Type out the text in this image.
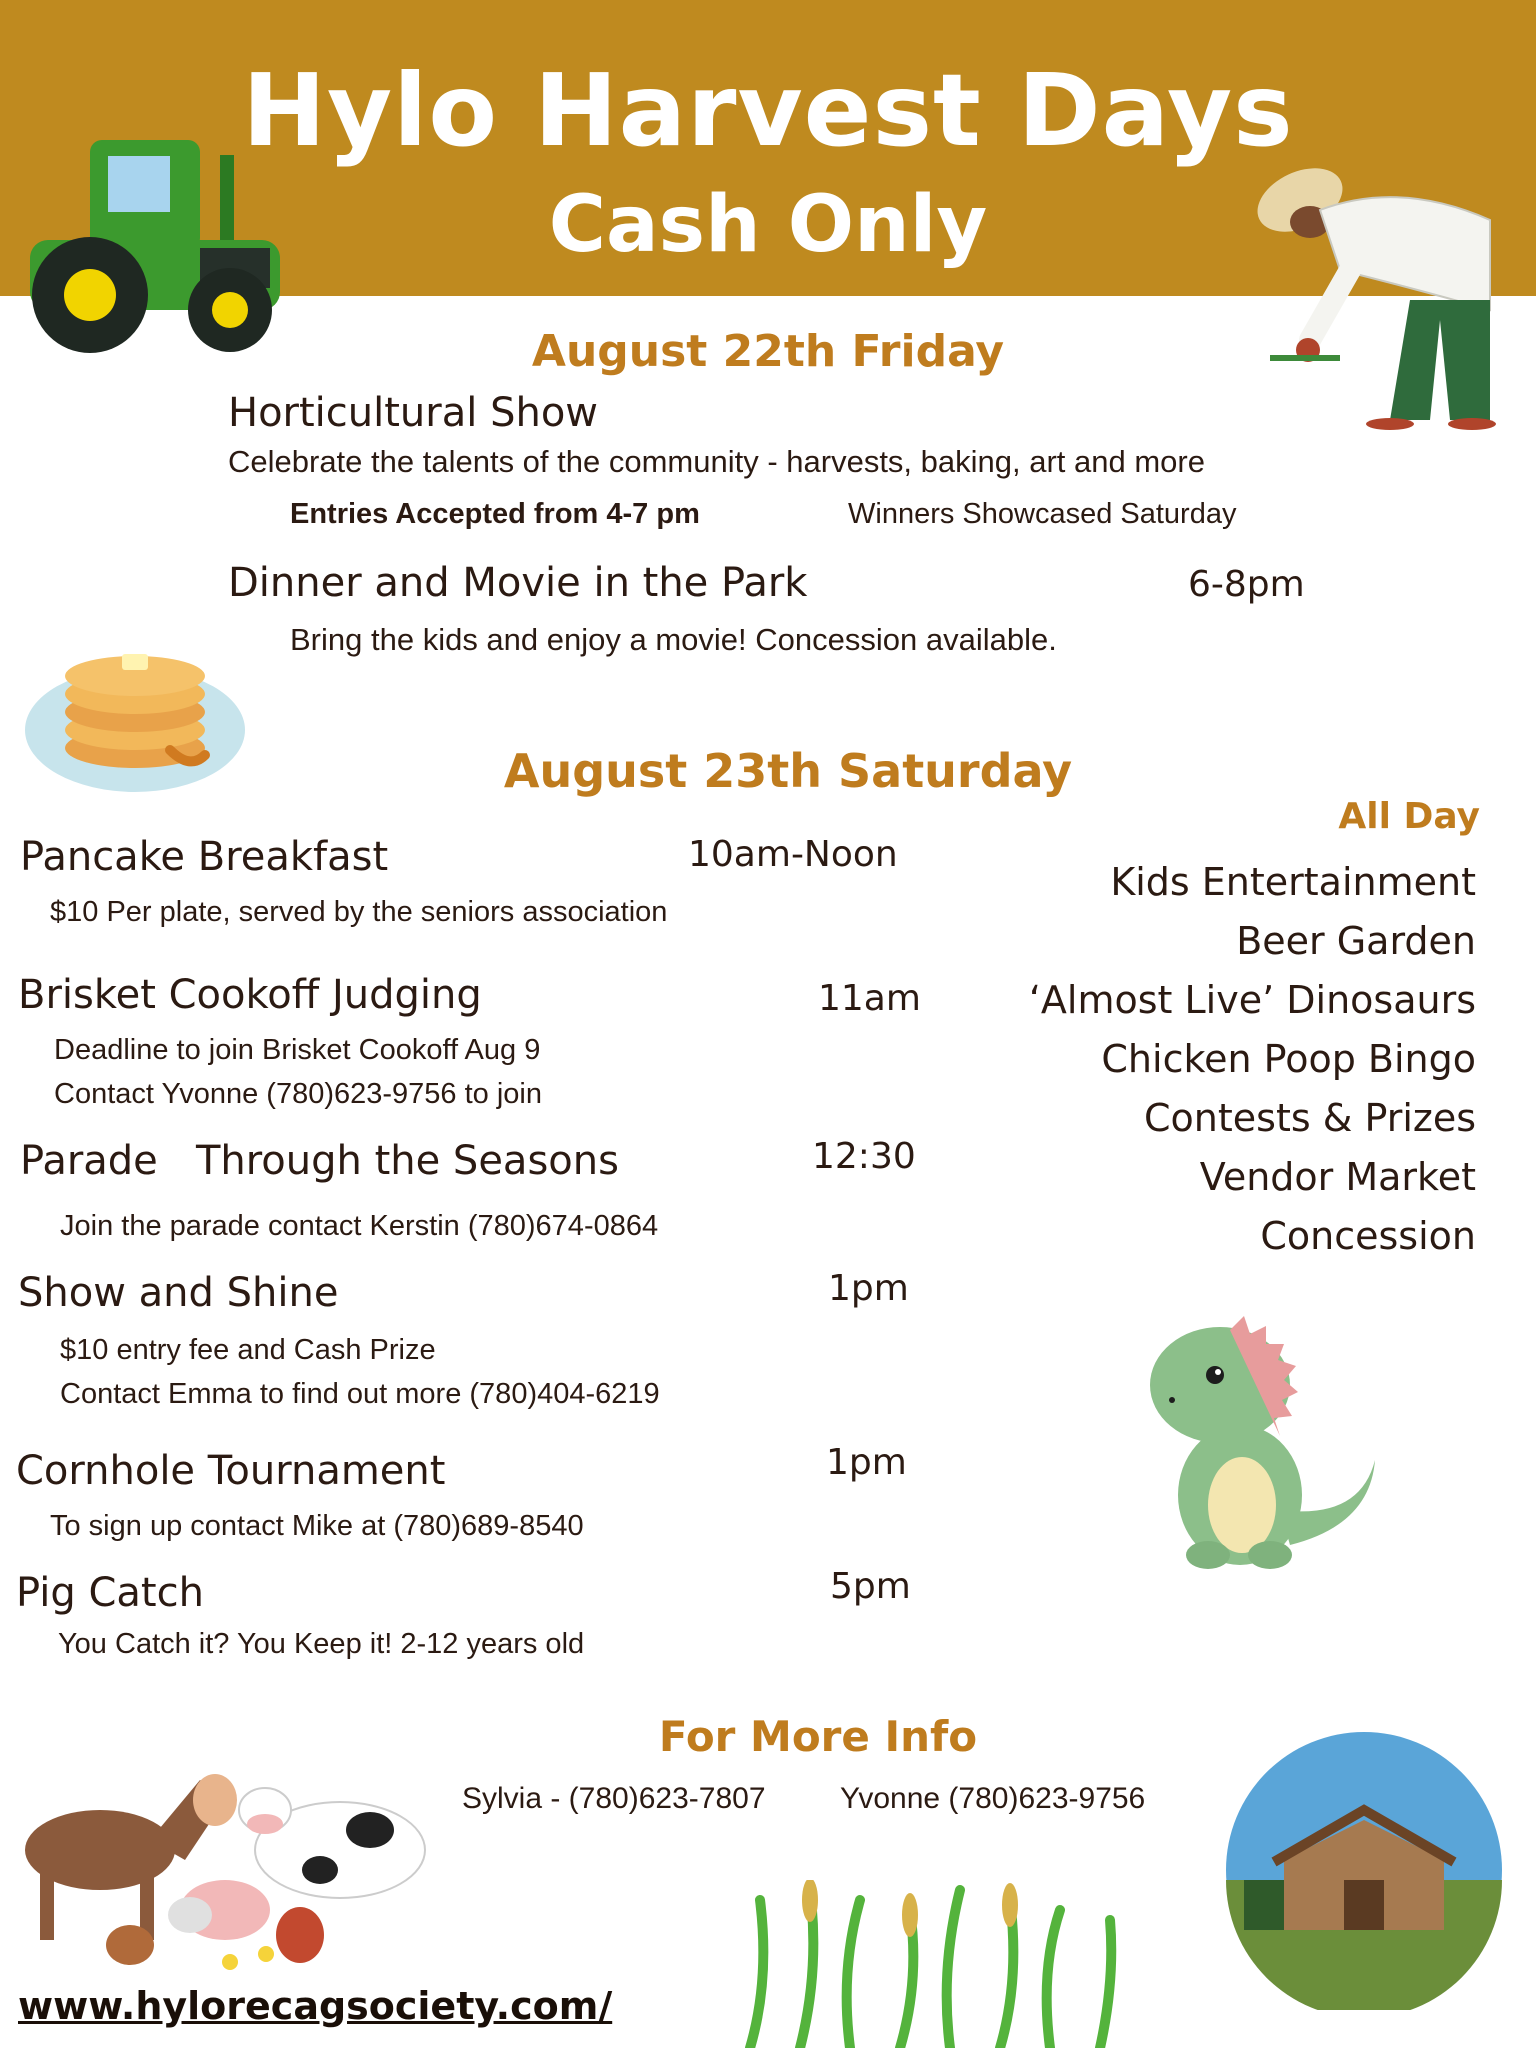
Hylo Harvest Days
Cash Only
August 22th Friday
Horticultural Show
Celebrate the talents of the community - harvests, baking, art and more
Entries Accepted from 4-7 pm	Winners Showcased Saturday
Dinner and Movie in the Park	6-8pm
Bring the kids and enjoy a movie! Concession available.
August 23th Saturday
Pancake Breakfast	10am-Noon
$10 Per plate, served by the seniors association
Brisket Cookoff Judging	11am
Deadline to join Brisket Cookoff Aug 9
Contact Yvonne (780)623-9756 to join
Parade   Through the Seasons	12:30
Join the parade contact Kerstin (780)674-0864
Show and Shine	1pm
$10 entry fee and Cash Prize
Contact Emma to find out more (780)404-6219
Cornhole Tournament	1pm
To sign up contact Mike at (780)689-8540
Pig Catch	5pm
You Catch it? You Keep it! 2-12 years old
All Day
Kids Entertainment
Beer Garden
‘Almost Live’ Dinosaurs
Chicken Poop Bingo
Contests & Prizes
Vendor Market
Concession
For More Info
Sylvia - (780)623-7807 Yvonne (780)623-9756
www.hylorecagsociety.com/
